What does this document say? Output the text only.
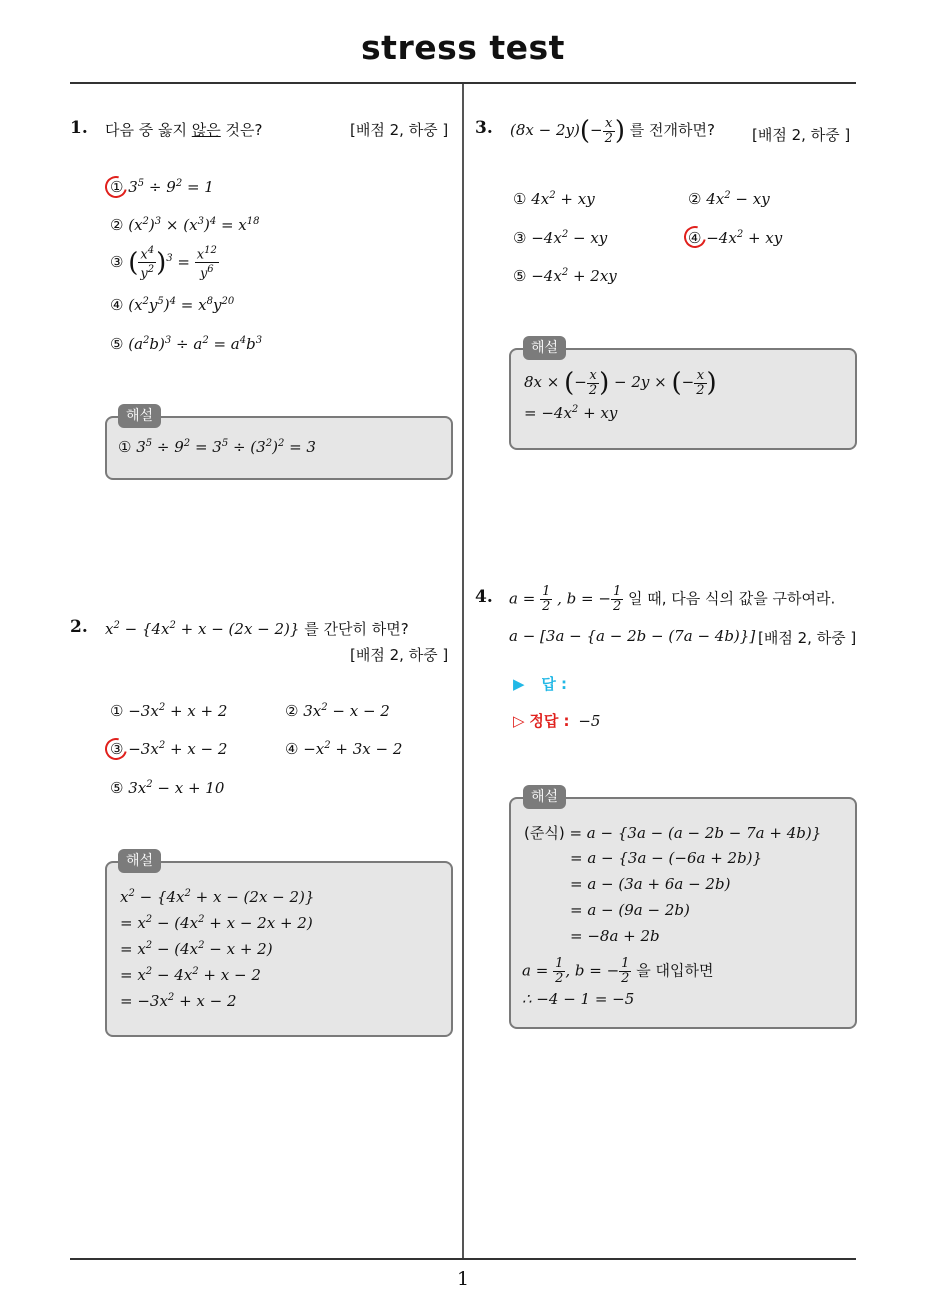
stress test
1
1. 다음 중 옳지 않은 것은?	[배점 2, 하중 ]
① $3^5 \div 9^2 = 1$
② $(x^2)^3 \times (x^3)^4 = x^{18}$
③ ( $\frac{x^4}{y^2} )^3 = \frac{x^{12}}{y^6}$
④ $(x^2y^5)^4 = x^8y^{20}$
⑤ $(a^2b)^3 \div a^2 = a^4b^3$
해설
① $3^5 \div 9^2 = 3^5 \div (3^2)^2 = 3$
2. $x^2 - \{4x^2 + x - (2x - 2)\}$ 를 간단히 하면?
[배점 2, 하중 ]
① $-3x^2 + x + 2$	② $3x^2 - x - 2$
③ $-3x^2 + x - 2$	④ $-x^2 + 3x - 2$
⑤ $3x^2 - x + 10$
해설
$x^2 - \{4x^2 + x - (2x - 2)\}$
= $x^2 - (4x^2 + x - 2x + 2)$
= $x^2 - (4x^2 - x + 2)$
= $x^2 - 4x^2 + x - 2$
= $-3x^2 + x - 2$
3. $(8x - 2y)(- \frac{x}{2}$ ) 를 전개하면? [배점 2, 하중 ]
① $4x^2$ + xy	② $4x^2$ − xy
③ $-4x^2$ − xy	④ $-4x^2$ + xy
⑤ $-4x^2 + 2xy$
해설
8x × (− $\frac{x}{2}$ ) − 2y × (− $\frac{x}{2}$ )
= $-4x^2$ + xy
4. $a = \frac{1}{2}$ , b = − $\frac{1}{2}$ 일 때, 다음 식의 값을 구하여라.
a − [3a − {a − 2b − (7a − 4b)}] [배점 2, 하중 ]
▶ 답 :
▷ 정답 : −5
해설
(준식) = a − {3a − (a − 2b − 7a + 4b)}
= a − {3a − (−6a + 2b)}
= a − (3a + 6a − 2b)
= a − (9a − 2b)
= −8a + 2b
$a = \frac{1}{2}$ , b = − $\frac{1}{2}$ 을 대입하면
∴ −4 − 1 = −5
